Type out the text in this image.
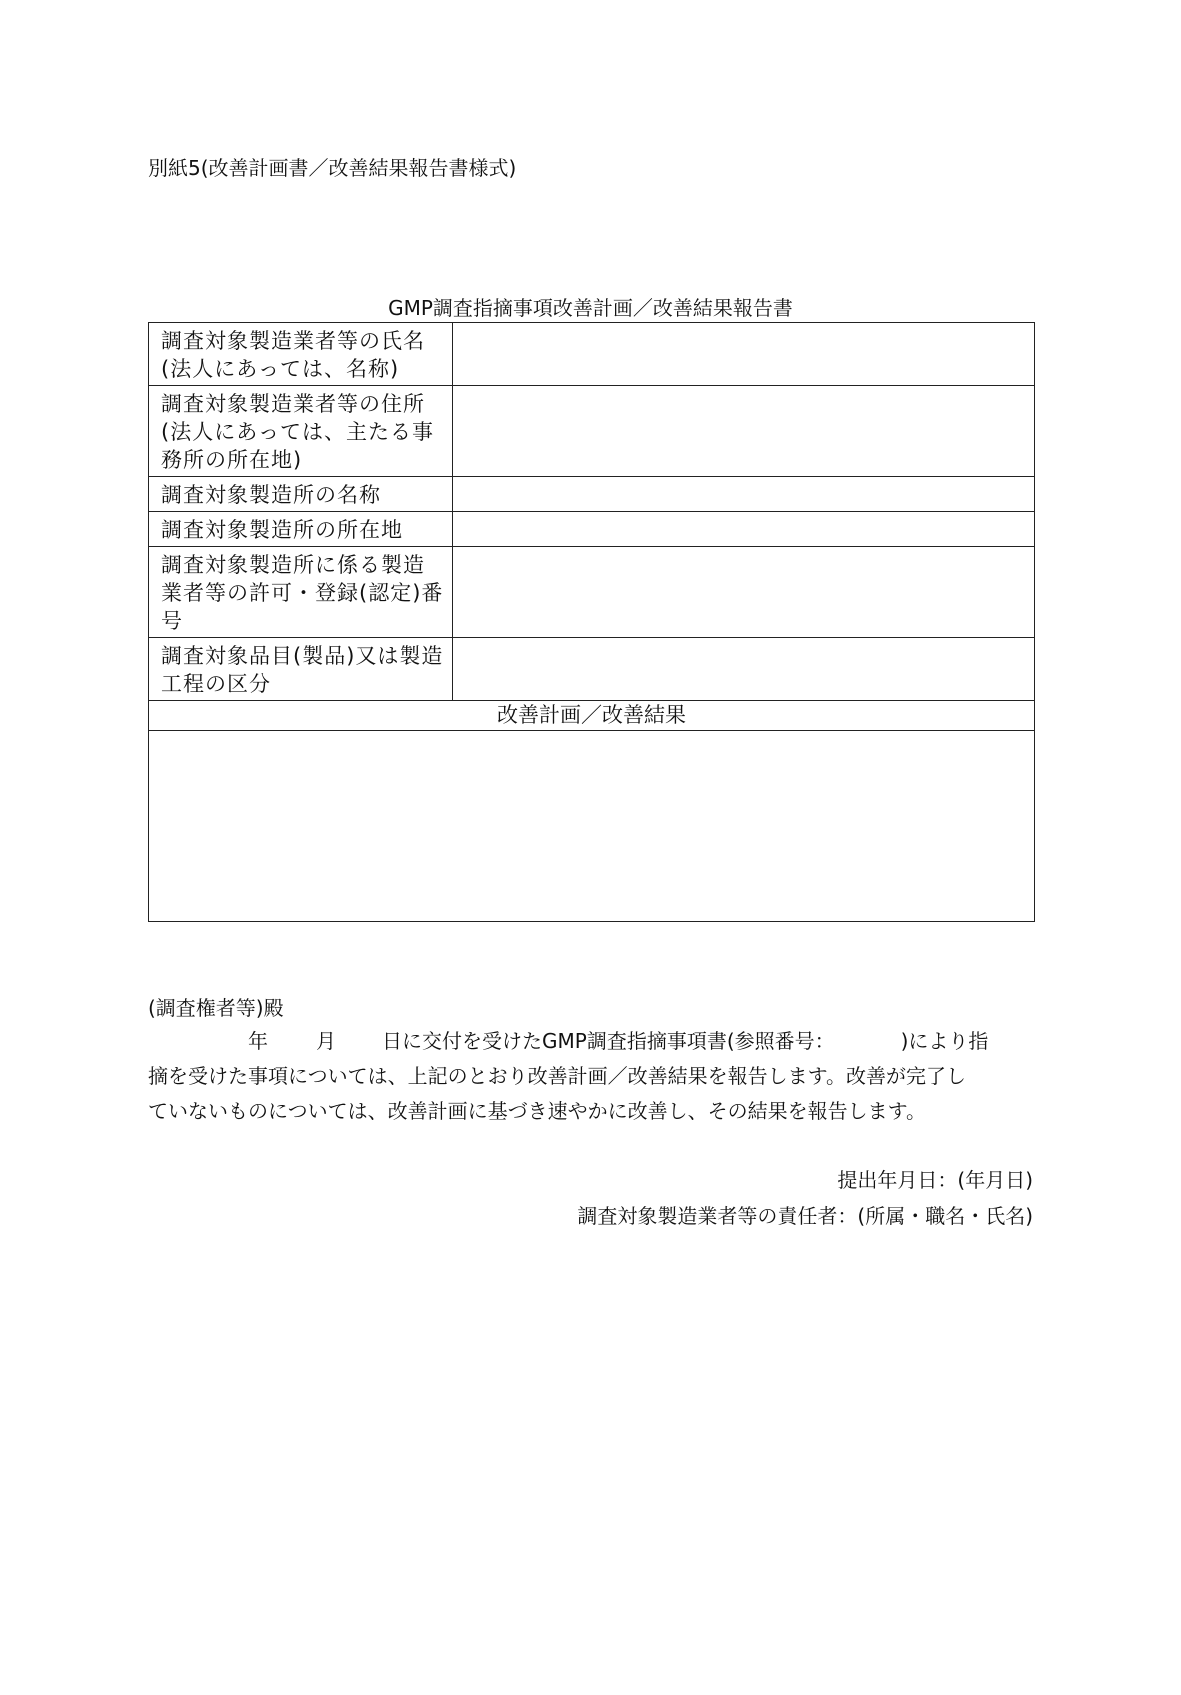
別紙5(改善計画書／改善結果報告書様式)
GMP調査指摘事項改善計画／改善結果報告書
調査対象製造業者等の氏名(法人にあっては、名称)	
調査対象製造業者等の住所(法人にあっては、主たる事務所の所在地)	
調査対象製造所の名称	
調査対象製造所の所在地	
調査対象製造所に係る製造業者等の許可・登録(認定)番号	
調査対象品目(製品)又は製造工程の区分	
改善計画／改善結果	

(調査権者等)殿
年 月 日に交付を受けたGMP調査指摘事項書(参照番号：	)により指
摘を受けた事項については、上記のとおり改善計画／改善結果を報告します。改善が完了し
ていないものについては、改善計画に基づき速やかに改善し、その結果を報告します。
提出年月日：(年月日)
調査対象製造業者等の責任者：(所属・職名・氏名)
